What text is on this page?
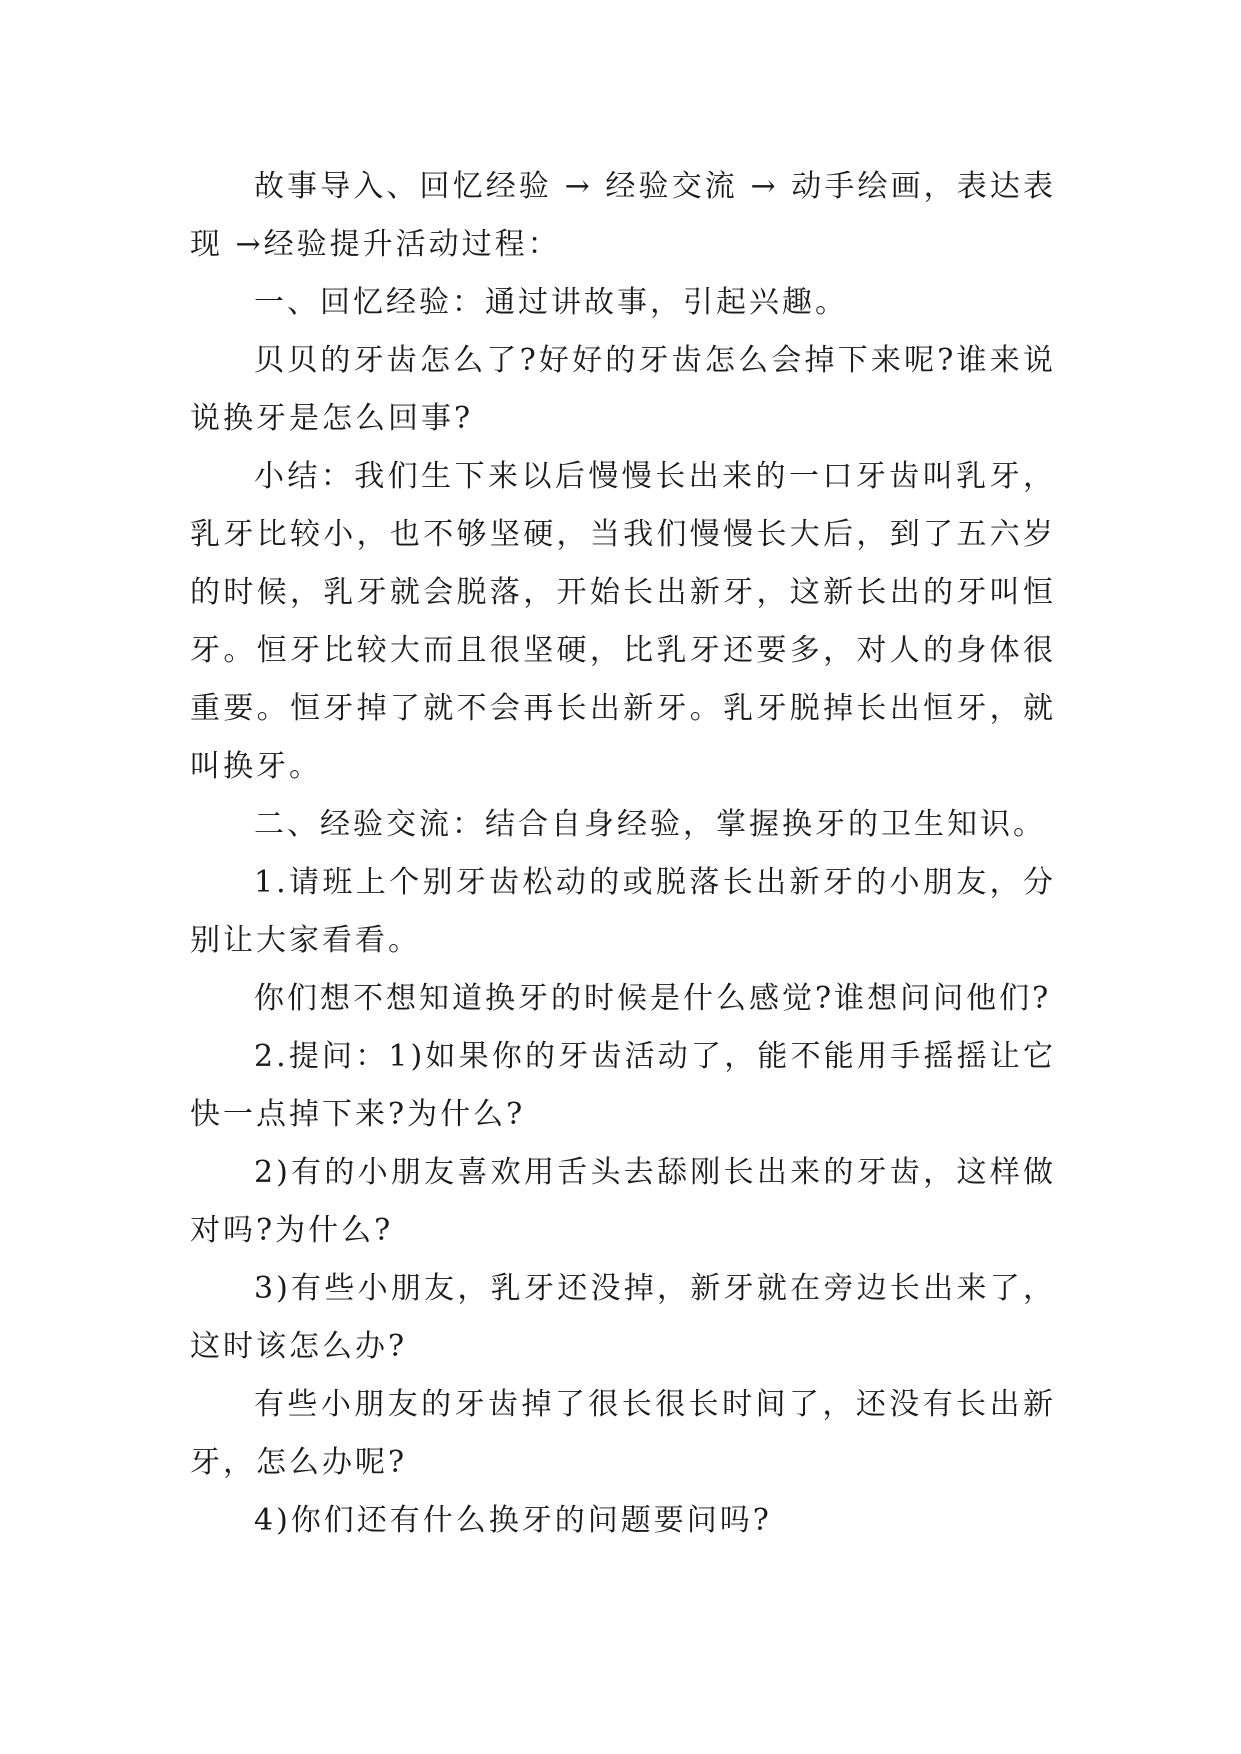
故事导入、回忆经验 → 经验交流 → 动手绘画，表达表现 →经验提升活动过程：

一、回忆经验：通过讲故事，引起兴趣。

贝贝的牙齿怎么了?好好的牙齿怎么会掉下来呢?谁来说说换牙是怎么回事?

小结：我们生下来以后慢慢长出来的一口牙齿叫乳牙，乳牙比较小，也不够坚硬，当我们慢慢长大后，到了五六岁的时候，乳牙就会脱落，开始长出新牙，这新长出的牙叫恒牙。恒牙比较大而且很坚硬，比乳牙还要多，对人的身体很重要。恒牙掉了就不会再长出新牙。乳牙脱掉长出恒牙，就叫换牙。

二、经验交流：结合自身经验，掌握换牙的卫生知识。

1.请班上个别牙齿松动的或脱落长出新牙的小朋友，分别让大家看看。

你们想不想知道换牙的时候是什么感觉?谁想问问他们?

2.提问：1)如果你的牙齿活动了，能不能用手摇摇让它快一点掉下来?为什么?

2)有的小朋友喜欢用舌头去舔刚长出来的牙齿，这样做对吗?为什么?

3)有些小朋友，乳牙还没掉，新牙就在旁边长出来了，这时该怎么办?

有些小朋友的牙齿掉了很长很长时间了，还没有长出新牙，怎么办呢?

4)你们还有什么换牙的问题要问吗?
